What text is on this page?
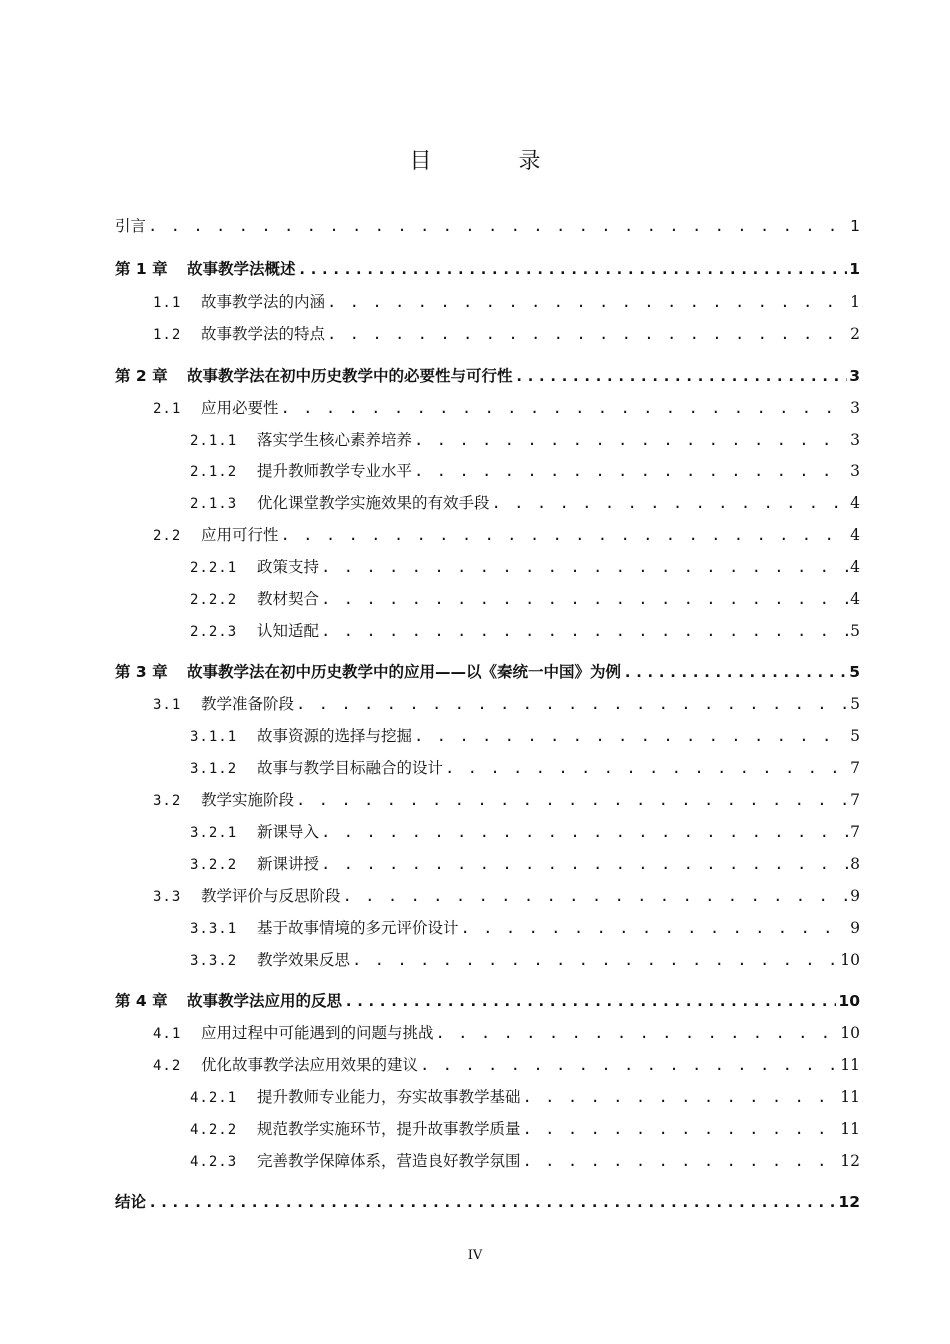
目 录
引言 . . .	1
第 1 章 故事教学法概述 .....	1
1.1 故事教学法的内涵 . . .	1
1.2 故事教学法的特点 . . .	2
第 2 章 故事教学法在初中历史教学中的必要性与可行性 .....	3
2.1 应用必要性 . . .	3
2.1.1 落实学生核心素养培养 . . .	3
2.1.2 提升教师教学专业水平 . . .	3
2.1.3 优化课堂教学实施效果的有效手段 . . .	4
2.2 应用可行性 . . .	4
2.2.1 政策支持 . . .	4
2.2.2 教材契合 . . .	4
2.2.3 认知适配 . . .	5
第 3 章 故事教学法在初中历史教学中的应用——以《秦统一中国》为例 .....	5
3.1 教学准备阶段 . . .	5
3.1.1 故事资源的选择与挖掘 . . .	5
3.1.2 故事与教学目标融合的设计 . . .	7
3.2 教学实施阶段 . . .	7
3.2.1 新课导入 . . .	7
3.2.2 新课讲授 . . .	8
3.3 教学评价与反思阶段 . . .	9
3.3.1 基于故事情境的多元评价设计 . . .	9
3.3.2 教学效果反思 . . .	10
第 4 章 故事教学法应用的反思 .....	10
4.1 应用过程中可能遇到的问题与挑战 . . .	10
4.2 优化故事教学法应用效果的建议 . . .	11
4.2.1 提升教师专业能力，夯实故事教学基础 . . .	11
4.2.2 规范教学实施环节，提升故事教学质量 . . .	11
4.2.3 完善教学保障体系，营造良好教学氛围 . . .	12
结论 .....	12
IV
